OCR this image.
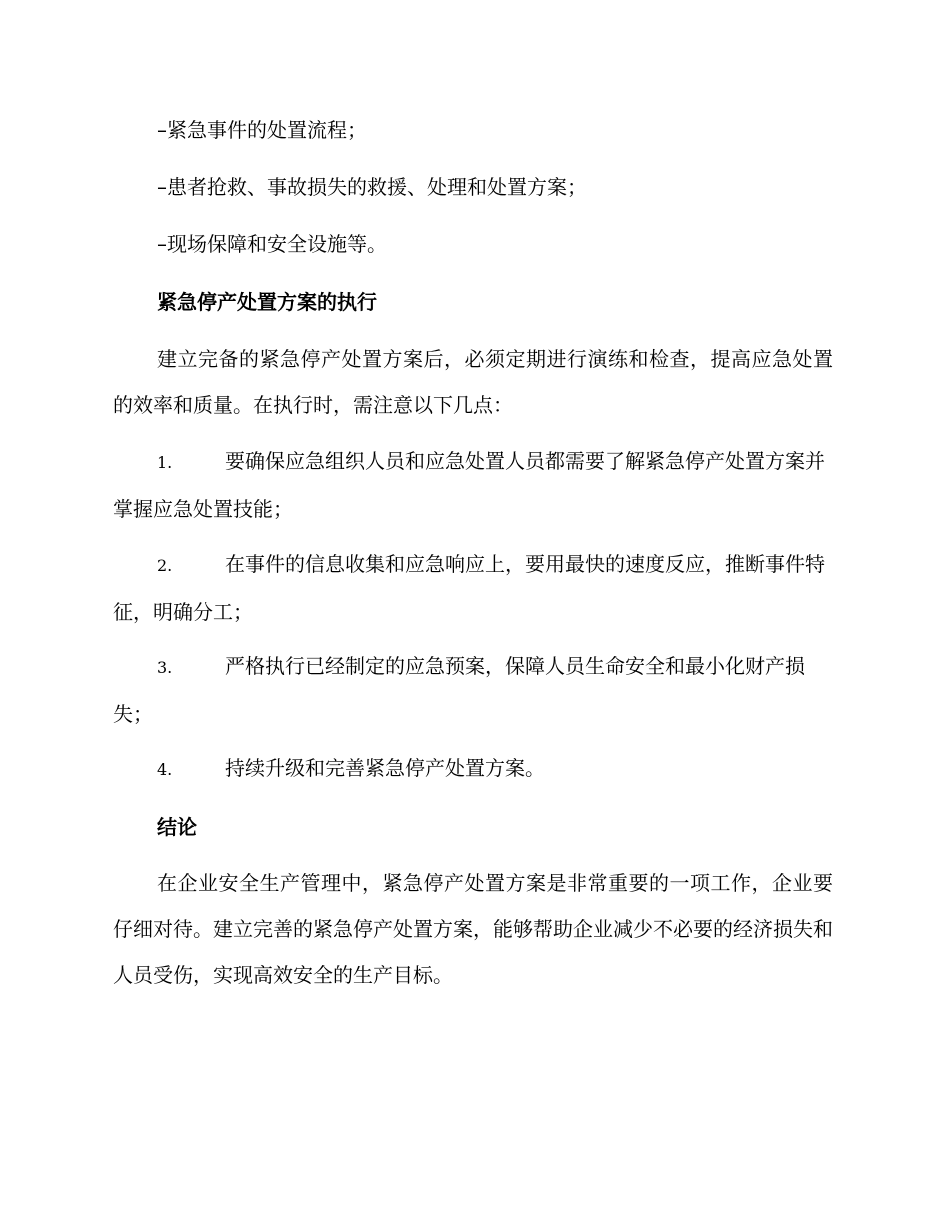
–紧急事件的处置流程；
–患者抢救、事故损失的救援、处理和处置方案；
–现场保障和安全设施等。
紧急停产处置方案的执行

建立完备的紧急停产处置方案后，必须定期进行演练和检查，提高应急处置的效率和质量。在执行时，需注意以下几点：

1.	要确保应急组织人员和应急处置人员都需要了解紧急停产处置方案并掌握应急处置技能；

2.	在事件的信息收集和应急响应上，要用最快的速度反应，推断事件特征，明确分工；

3.	严格执行已经制定的应急预案，保障人员生命安全和最小化财产损失；

4.	持续升级和完善紧急停产处置方案。

结论

在企业安全生产管理中，紧急停产处置方案是非常重要的一项工作，企业要仔细对待。建立完善的紧急停产处置方案，能够帮助企业减少不必要的经济损失和人员受伤，实现高效安全的生产目标。
